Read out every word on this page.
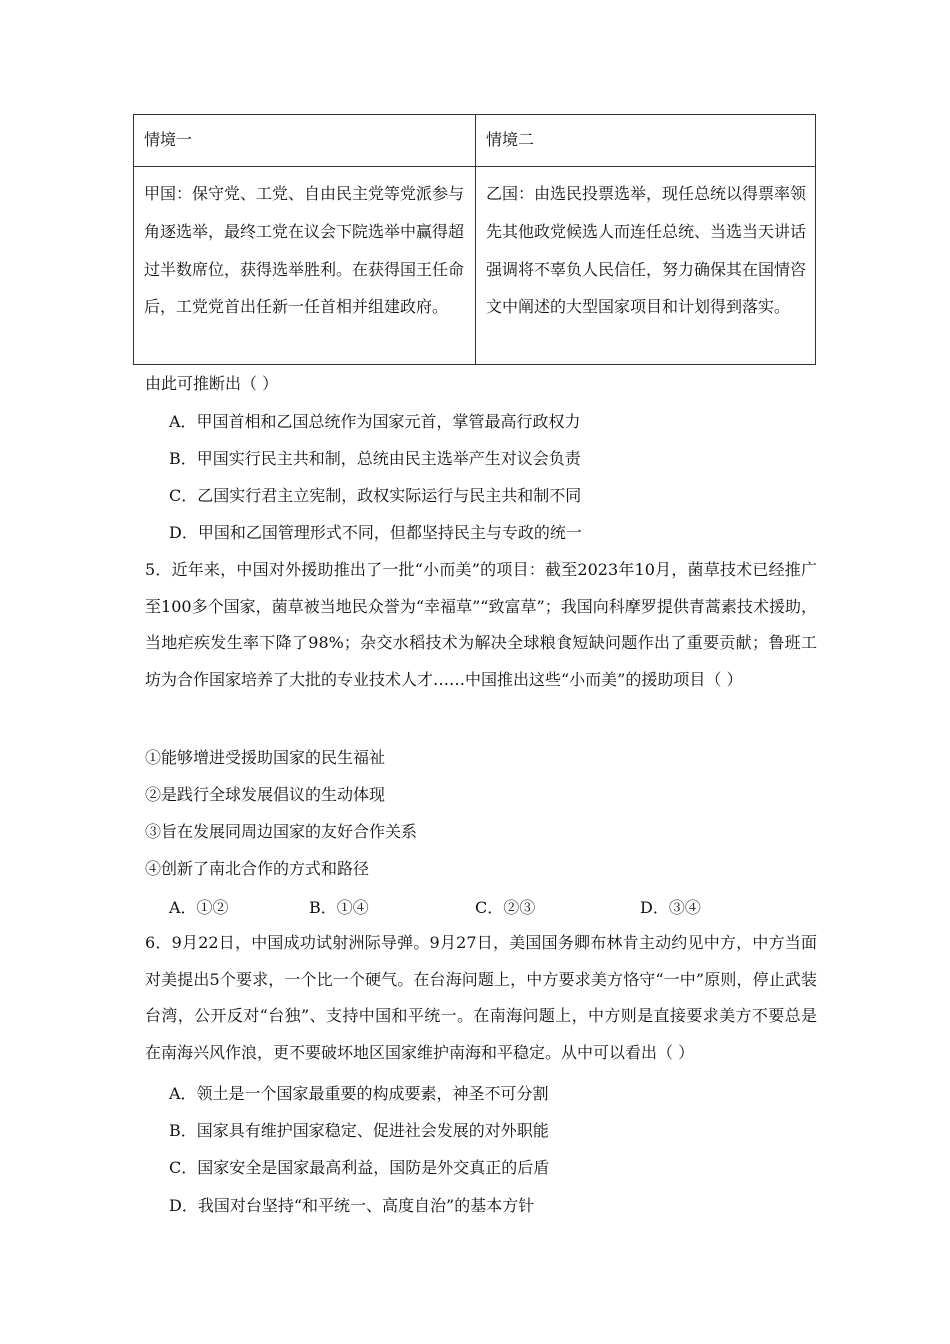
情境一	情境二
甲国：保守党、工党、自由民主党等党派参与角逐选举，最终工党在议会下院选举中赢得超过半数席位，获得选举胜利。在获得国王任命后，工党党首出任新一任首相并组建政府。
乙国：由选民投票选举，现任总统以得票率领先其他政党候选人而连任总统、当选当天讲话强调将不辜负人民信任，努力确保其在国情咨文中阐述的大型国家项目和计划得到落实。
由此可推断出（ ）
A．甲国首相和乙国总统作为国家元首，掌管最高行政权力
B．甲国实行民主共和制，总统由民主选举产生对议会负责
C．乙国实行君主立宪制，政权实际运行与民主共和制不同
D．甲国和乙国管理形式不同，但都坚持民主与专政的统一
5．近年来，中国对外援助推出了一批“小而美”的项目：截至2023年10月，菌草技术已经推广至100多个国家，菌草被当地民众誉为“幸福草”“致富草”；我国向科摩罗提供青蒿素技术援助，当地疟疾发生率下降了98%；杂交水稻技术为解决全球粮食短缺问题作出了重要贡献；鲁班工坊为合作国家培养了大批的专业技术人才……中国推出这些“小而美”的援助项目（ ）
①能够增进受援助国家的民生福祉
②是践行全球发展倡议的生动体现
③旨在发展同周边国家的友好合作关系
④创新了南北合作的方式和路径
A．①②	B．①④	C．②③	D．③④
6．9月22日，中国成功试射洲际导弹。9月27日，美国国务卿布林肯主动约见中方，中方当面对美提出5个要求，一个比一个硬气。在台海问题上，中方要求美方恪守“一中”原则，停止武装台湾，公开反对“台独”、支持中国和平统一。在南海问题上，中方则是直接要求美方不要总是在南海兴风作浪，更不要破坏地区国家维护南海和平稳定。从中可以看出（ ）
A．领土是一个国家最重要的构成要素，神圣不可分割
B．国家具有维护国家稳定、促进社会发展的对外职能
C．国家安全是国家最高利益，国防是外交真正的后盾
D．我国对台坚持“和平统一、高度自治”的基本方针
